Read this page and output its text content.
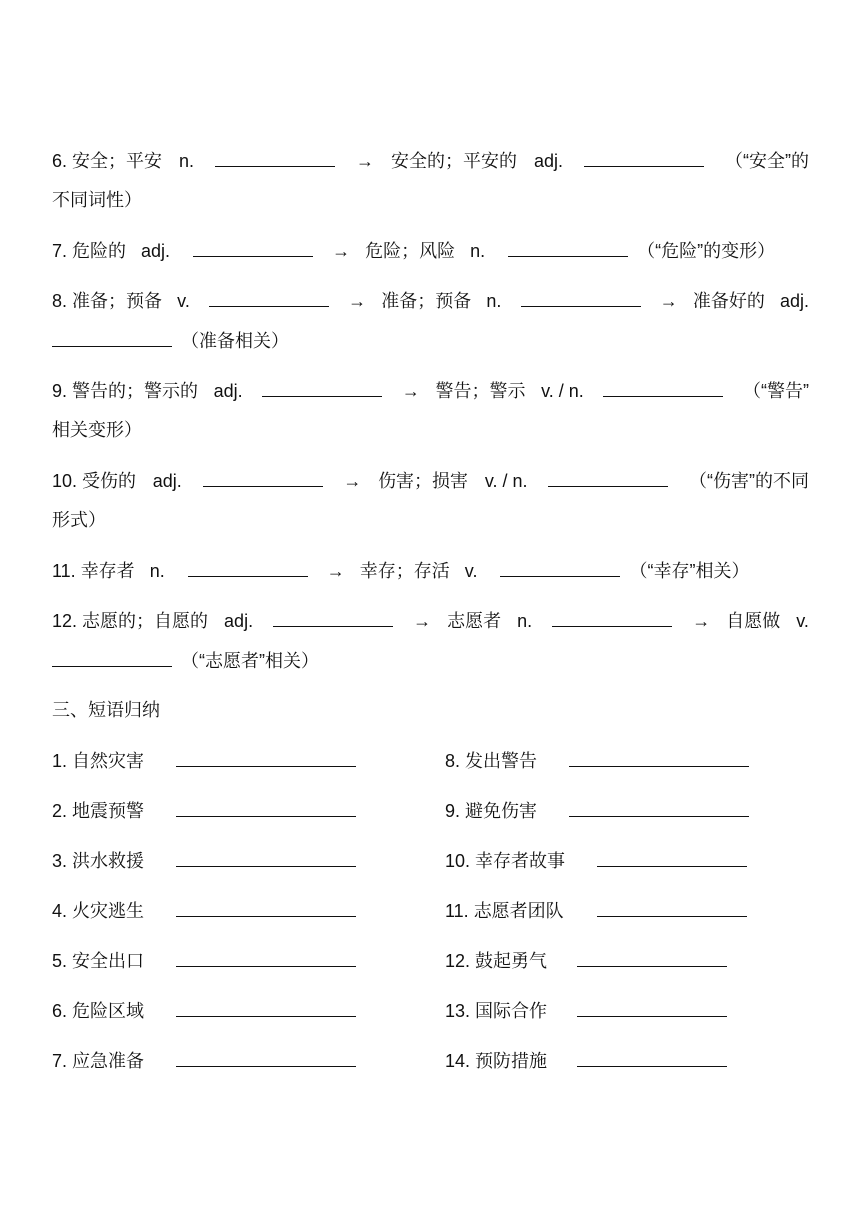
6. 安全；平安 n.	→ 安全的；平安的 adj.	（“安全”的
不同词性）
7. 危险的 adj.	→ 危险；风险 n.	（“危险”的变形）
8. 准备；预备 v.	→ 准备；预备 n.	→ 准备好的 adj.
（准备相关）
9. 警告的；警示的 adj.	→ 警告；警示 v. / n.	（“警告”
相关变形）
10. 受伤的 adj.	→ 伤害；损害 v. / n.	（“伤害”的不同
形式）
11. 幸存者 n.	→ 幸存；存活 v.	（“幸存”相关）
12. 志愿的；自愿的 adj.	→ 志愿者 n.	→ 自愿做 v.
（“志愿者”相关）
三、短语归纳
1. 自然灾害
2. 地震预警
3. 洪水救援
4. 火灾逃生
5. 安全出口
6. 危险区域
7. 应急准备
8. 发出警告
9. 避免伤害
10. 幸存者故事
11. 志愿者团队
12. 鼓起勇气
13. 国际合作
14. 预防措施
